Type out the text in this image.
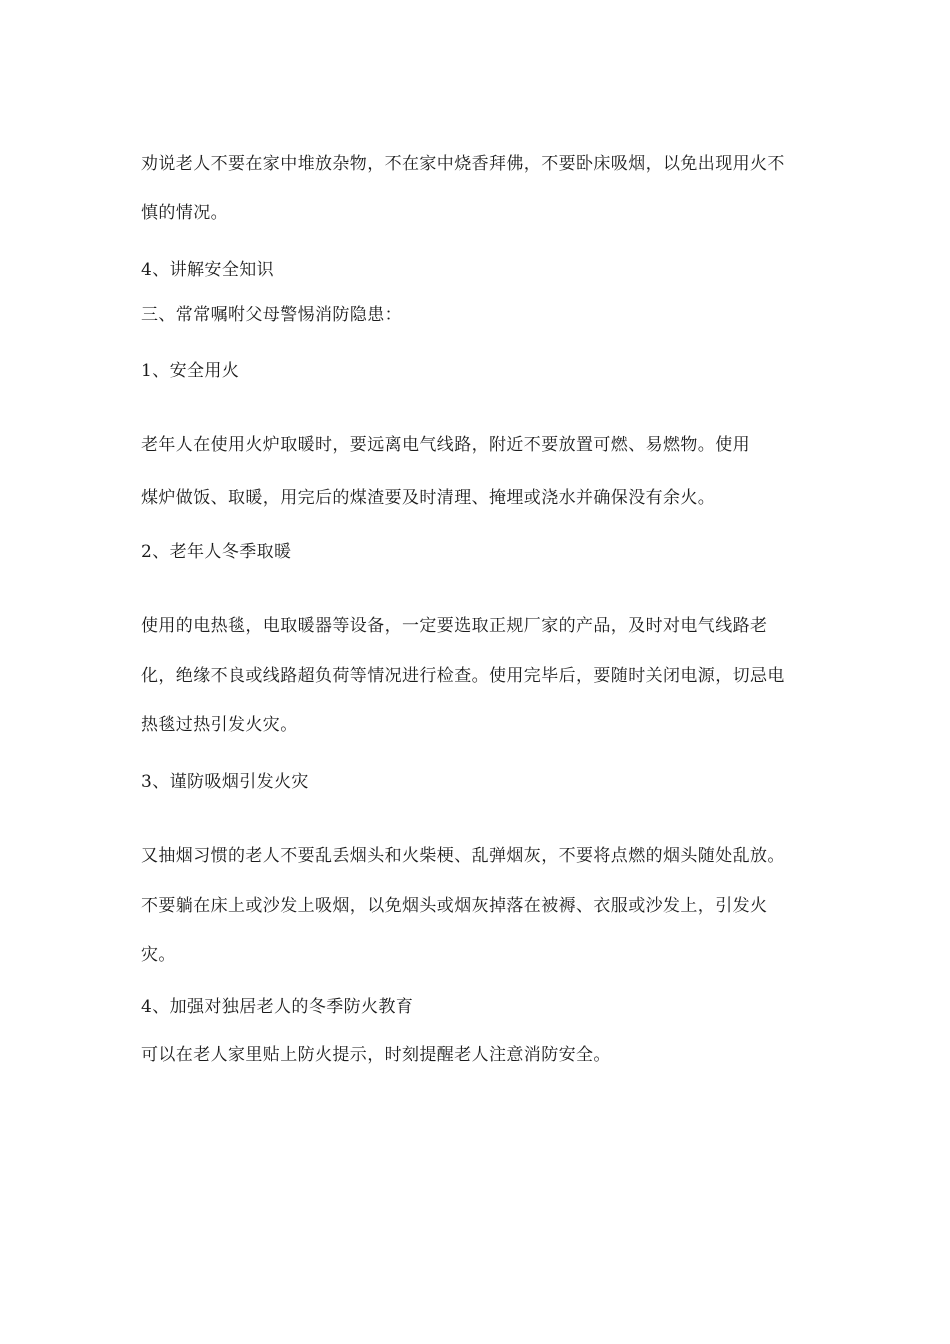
劝说老人不要在家中堆放杂物，不在家中烧香拜佛，不要卧床吸烟，以免出现用火不
慎的情况。
4、讲解安全知识
三、常常嘱咐父母警惕消防隐患：
1、安全用火
老年人在使用火炉取暖时，要远离电气线路，附近不要放置可燃、易燃物。使用
煤炉做饭、取暖，用完后的煤渣要及时清理、掩埋或浇水并确保没有余火。
2、老年人冬季取暖
使用的电热毯，电取暖器等设备，一定要选取正规厂家的产品，及时对电气线路老
化，绝缘不良或线路超负荷等情况进行检查。使用完毕后，要随时关闭电源，切忌电
热毯过热引发火灾。
3、谨防吸烟引发火灾
又抽烟习惯的老人不要乱丢烟头和火柴梗、乱弹烟灰，不要将点燃的烟头随处乱放。
不要躺在床上或沙发上吸烟，以免烟头或烟灰掉落在被褥、衣服或沙发上，引发火
灾。
4、加强对独居老人的冬季防火教育
可以在老人家里贴上防火提示，时刻提醒老人注意消防安全。
